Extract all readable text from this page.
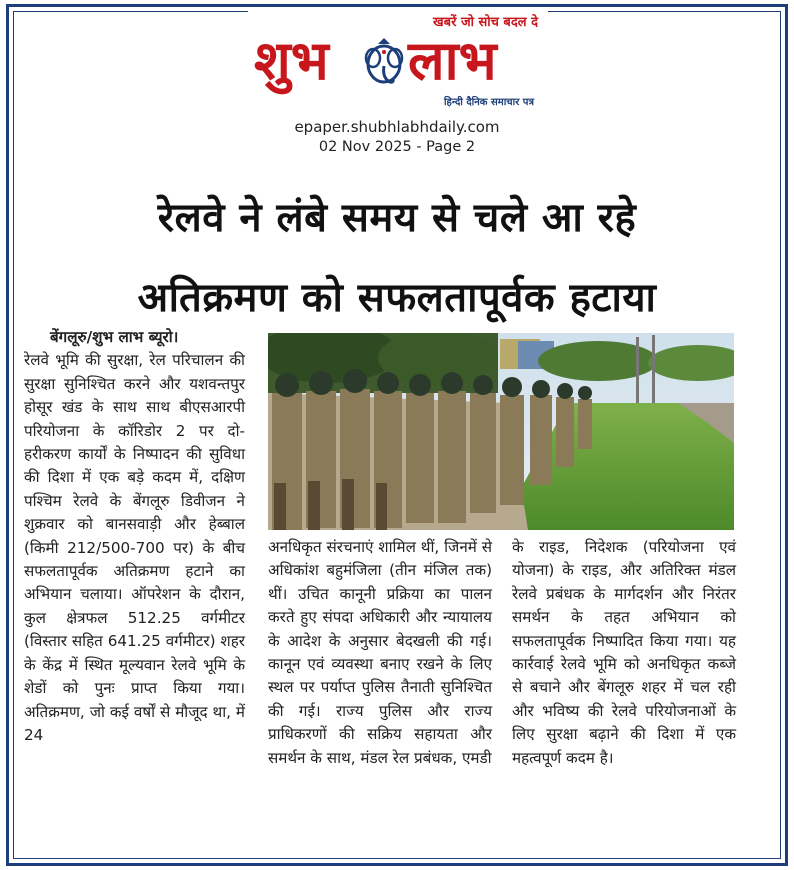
खबरें जो सोच बदल दे
शुभ लाभ
हिन्दी दैनिक समाचार पत्र
epaper.shubhlabhdaily.com
02 Nov 2025 - Page 2
रेलवे ने लंबे समय से चले आ रहे
अतिक्रमण को सफलतापूर्वक हटाया
बेंगलूरु/शुभ लाभ ब्यूरो।
रेलवे भूमि की सुरक्षा, रेल परिचालन की सुरक्षा सुनिश्चित करने और यशवन्तपुर होसूर खंड के साथ साथ बीएसआरपी परियोजना के कॉरिडोर 2 पर दो-हरीकरण कार्यों के निष्पादन की सुविधा की दिशा में एक बड़े कदम में, दक्षिण पश्चिम रेलवे के बेंगलूरु डिवीजन ने शुक्रवार को बानसवाड़ी और हेब्बाल (किमी 212/500-700 पर) के बीच सफलतापूर्वक अतिक्रमण हटाने का अभियान चलाया। ऑपरेशन के दौरान, कुल क्षेत्रफल 512.25 वर्गमीटर (विस्तार सहित 641.25 वर्गमीटर) शहर के केंद्र में स्थित मूल्यवान रेलवे भूमि के शेडों को पुनः प्राप्त किया गया। अतिक्रमण, जो कई वर्षों से मौजूद था, में 24
अनधिकृत संरचनाएं शामिल थीं, जिनमें से अधिकांश बहुमंजिला (तीन मंजिल तक) थीं। उचित कानूनी प्रक्रिया का पालन करते हुए संपदा अधिकारी और न्यायालय के आदेश के अनुसार बेदखली की गई। कानून एवं व्यवस्था बनाए रखने के लिए स्थल पर पर्याप्त पुलिस तैनाती सुनिश्चित की गई। राज्य पुलिस और राज्य प्राधिकरणों की सक्रिय सहायता और समर्थन के साथ, मंडल रेल प्रबंधक, एमडी
के राइड, निदेशक (परियोजना एवं योजना) के राइड, और अतिरिक्त मंडल रेलवे प्रबंधक के मार्गदर्शन और निरंतर समर्थन के तहत अभियान को सफलतापूर्वक निष्पादित किया गया। यह कार्रवाई रेलवे भूमि को अनधिकृत कब्जे से बचाने और बेंगलूरु शहर में चल रही और भविष्य की रेलवे परियोजनाओं के लिए सुरक्षा बढ़ाने की दिशा में एक महत्वपूर्ण कदम है।
